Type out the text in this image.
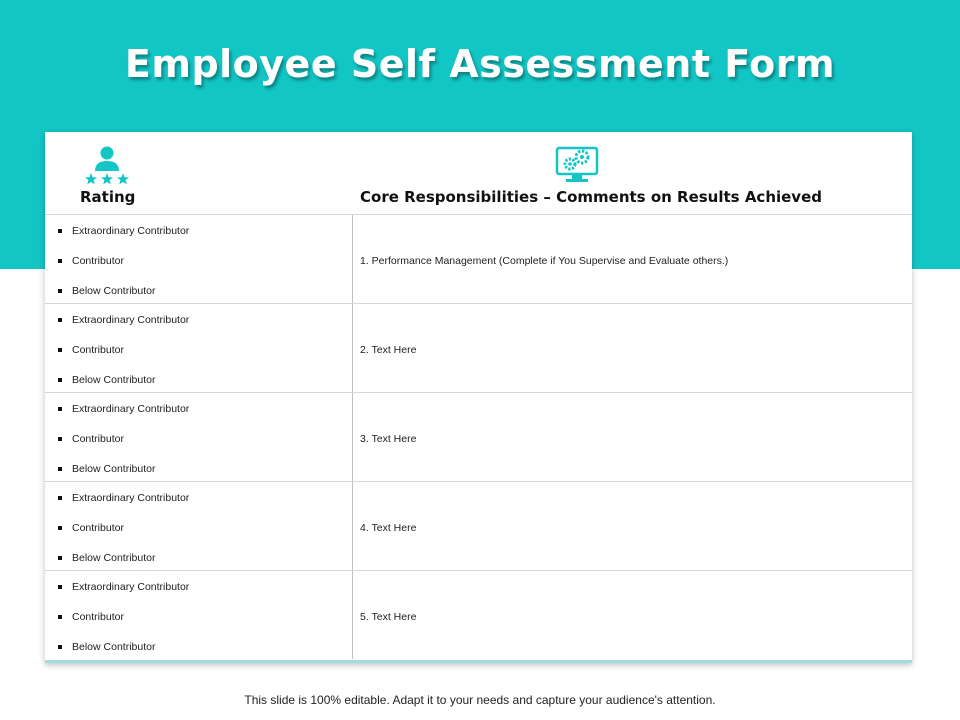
Employee Self Assessment Form
Rating	Core Responsibilities – Comments on Results Achieved
Extraordinary Contributor
Contributor
Below Contributor
1. Performance Management (Complete if You Supervise and Evaluate others.)
Extraordinary Contributor
Contributor
Below Contributor
2. Text Here
Extraordinary Contributor
Contributor
Below Contributor
3. Text Here
Extraordinary Contributor
Contributor
Below Contributor
4. Text Here
Extraordinary Contributor
Contributor
Below Contributor
5. Text Here
This slide is 100% editable. Adapt it to your needs and capture your audience's attention.
